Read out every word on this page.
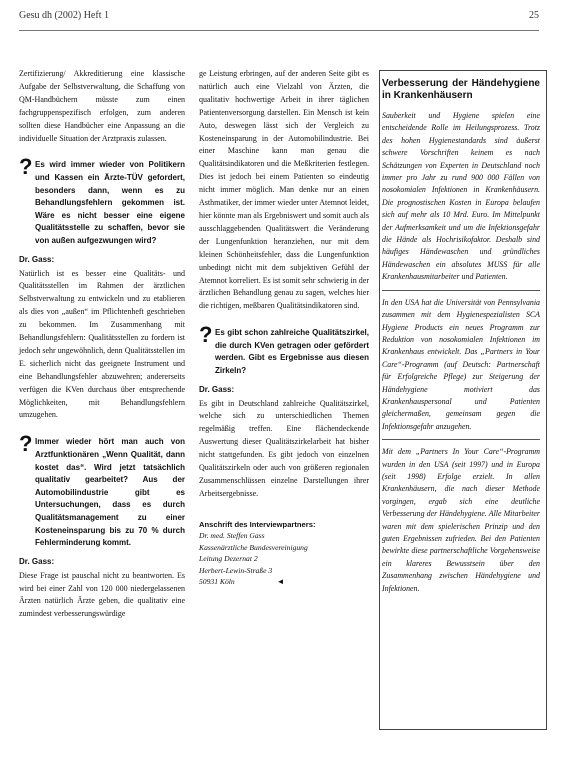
Gesu dh (2002) Heft 1	25

Zertifizierung/ Akkreditierung eine klassische Aufgabe der Selbstverwaltung, die Schaffung von QM-Handbüchern müsste zum einen fachgruppenspezifisch erfolgen, zum anderen sollten diese Handbücher eine Anpassung an die individuelle Situation der Arztpraxis zulassen.

? Es wird immer wieder von Politikern und Kassen ein Ärzte-TÜV gefordert, besonders dann, wenn es zu Behandlungsfehlern gekommen ist. Wäre es nicht besser eine eigene Qualitätsstelle zu schaffen, bevor sie von außen aufgezwungen wird?
Dr. Gass:

Natürlich ist es besser eine Qualitäts- und Qualitätsstellen im Rahmen der ärztlichen Selbstverwaltung zu entwickeln und zu etablieren als dies von „außen“ im Pflichtenheft geschrieben zu bekommen. Im Zusammenhang mit Behandlungsfehlern: Qualitätsstellen zu fordern ist jedoch sehr ungewöhnlich, denn Qualitätsstellen im E. sicherlich nicht das geeignete Instrument und eine Behandlungsfehler abzuwehren; andererseits verfügen die KVen durchaus über entsprechende Möglichkeiten, mit Behandlungsfehlern umzugehen.

? Immer wieder hört man auch von Arztfunktionären „Wenn Qualität, dann kostet das“. Wird jetzt tatsächlich qualitativ gearbeitet? Aus der Automobilindustrie gibt es Untersuchungen, dass es durch Qualitätsmanagement zu einer Kosteneinsparung bis zu 70 % durch Fehlerminderung kommt.
Dr. Gass:

Diese Frage ist pauschal nicht zu beantworten. Es wird bei einer Zahl von 120 000 niedergelassenen Ärzten natürlich Ärzte geben, die qualitativ eine zumindest verbesserungswürdige

ge Leistung erbringen, auf der anderen Seite gibt es natürlich auch eine Vielzahl von Ärzten, die qualitativ hochwertige Arbeit in ihrer täglichen Patientenversorgung darstellen. Ein Mensch ist kein Auto, deswegen lässt sich der Vergleich zu Kosteneinsparung in der Automobilindustrie. Bei einer Maschine kann man genau die Qualitätsindikatoren und die Meßkriterien festlegen. Dies ist jedoch bei einem Patienten so eindeutig nicht immer möglich. Man denke nur an einen Asthmatiker, der immer wieder unter Atemnot leidet, hier könnte man als Ergebniswert und somit auch als ausschlaggebenden Qualitätswert die Veränderung der Lungenfunktion heranziehen, nur mit dem kleinen Schönheitsfehler, dass die Lungenfunktion unbedingt nicht mit dem subjektiven Gefühl der Atemnot korreliert. Es ist somit sehr schwierig in der ärztlichen Behandlung genau zu sagen, welches hier die richtigen, meßbaren Qualitätsindikatoren sind.

? Es gibt schon zahlreiche Qualitätszirkel, die durch KVen getragen oder gefördert werden. Gibt es Ergebnisse aus diesen Zirkeln?
Dr. Gass:

Es gibt in Deutschland zahlreiche Qualitätszirkel, welche sich zu unterschiedlichen Themen regelmäßig treffen. Eine flächendeckende Auswertung dieser Qualitätszirkelarbeit hat bisher nicht stattgefunden. Es gibt jedoch von einzelnen Qualitätszirkeln oder auch von größeren regionalen Zusammenschlüssen einzelne Darstellungen ihrer Arbeitsergebnisse.

Anschrift des Interviewpartners:
Dr. med. Steffen Gass
Kassenärztliche Bundesvereinigung
Leitung Dezernat 2
Herbert-Lewin-Straße 3
50931 Köln	◄
Verbesserung der Händehygiene in Krankenhäusern

Sauberkeit und Hygiene spielen eine entscheidende Rolle im Heilungsprozess. Trotz des hohen Hygienestandards sind äußerst schwere Vorschriften keinem es nach Schätzungen von Experten in Deutschland noch immer pro Jahr zu rund 900 000 Fällen von nosokomialen Infektionen in Krankenhäusern. Die prognostischen Kosten in Europa belaufen sich auf mehr als 10 Mrd. Euro. Im Mittelpunkt der Aufmerksamkeit und um die Infektionsgefahr die Hände als Hochrisikofaktor. Deshalb sind häufiges Händewaschen und gründliches Händewaschen ein absolutes MUSS für alle Krankenhausmitarbeiter und Patienten.

In den USA hat die Universität von Pennsylvania zusammen mit dem Hygienespezialisten SCA Hygiene Products ein neues Programm zur Reduktion von nosokomialen Infektionen im Krankenhaus entwickelt. Das „Partners in Your Care“-Programm (auf Deutsch: Partnerschaft für Erfolgreiche Pflege) zur Steigerung der Händehygiene motiviert das Krankenhauspersonal und Patienten gleichermaßen, gemeinsam gegen die Infektionsgefahr anzugehen.

Mit dem „Partners In Your Care“-Programm wurden in den USA (seit 1997) und in Europa (seit 1998) Erfolge erzielt. In allen Krankenhäusern, die nach dieser Methode vorgingen, ergab sich eine deutliche Verbesserung der Händehygiene. Alle Mitarbeiter waren mit dem spielerischen Prinzip und den guten Ergebnissen zufrieden. Bei den Patienten bewirkte diese partnerschaftliche Vorgehensweise ein klareres Bewusstsein über den Zusammenhang zwischen Händehygiene und Infektionen.
